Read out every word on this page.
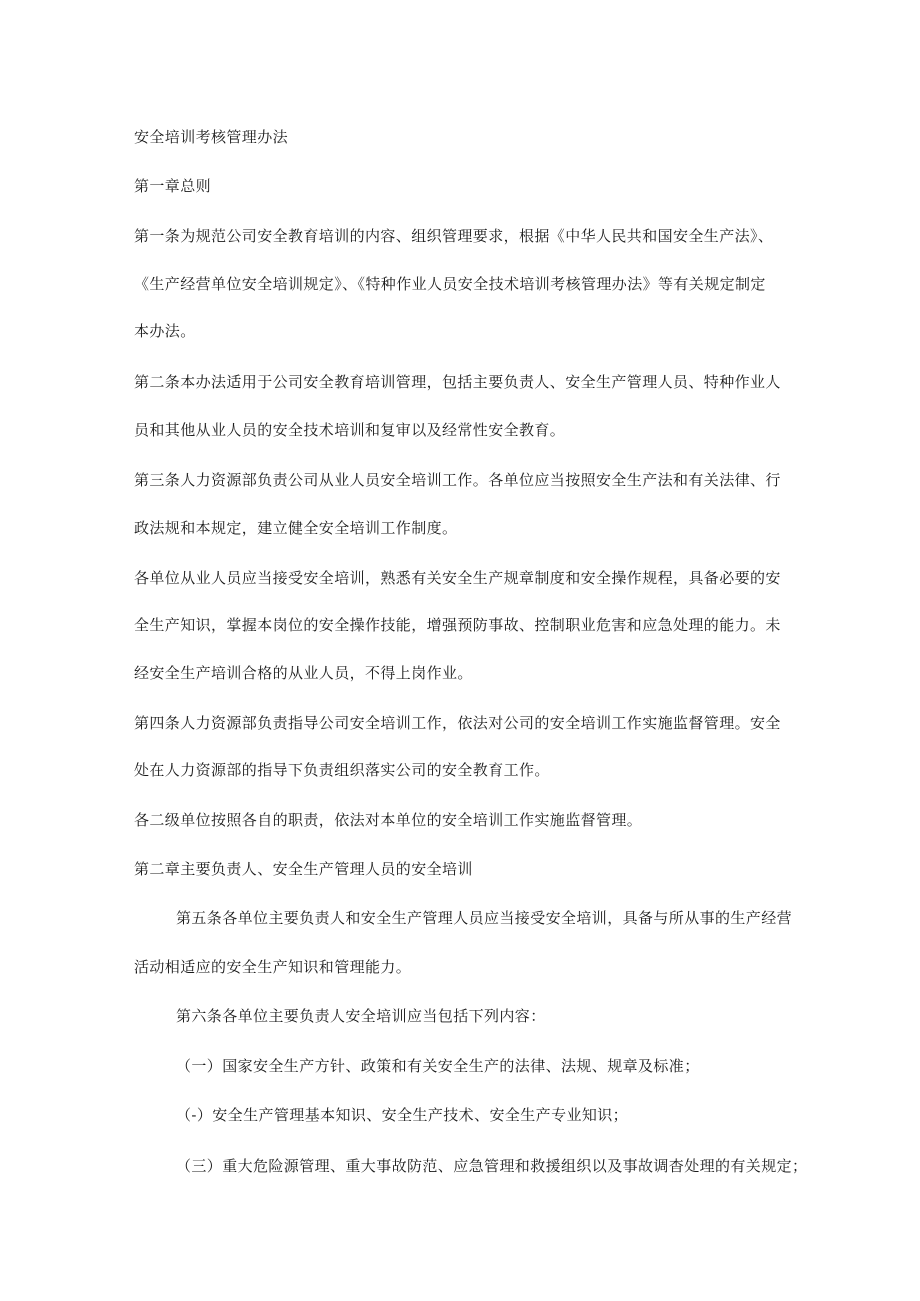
安全培训考核管理办法
第一章总则
第一条为规范公司安全教育培训的内容、组织管理要求，根据《中华人民共和国安全生产法》、
《生产经营单位安全培训规定》、《特种作业人员安全技术培训考核管理办法》等有关规定制定
本办法。
第二条本办法适用于公司安全教育培训管理，包括主要负责人、安全生产管理人员、特种作业人
员和其他从业人员的安全技术培训和复审以及经常性安全教育。
第三条人力资源部负责公司从业人员安全培训工作。各单位应当按照安全生产法和有关法律、行
政法规和本规定，建立健全安全培训工作制度。
各单位从业人员应当接受安全培训，熟悉有关安全生产规章制度和安全操作规程，具备必要的安
全生产知识，掌握本岗位的安全操作技能，增强预防事故、控制职业危害和应急处理的能力。未
经安全生产培训合格的从业人员，不得上岗作业。
第四条人力资源部负责指导公司安全培训工作，依法对公司的安全培训工作实施监督管理。安全
处在人力资源部的指导下负责组织落实公司的安全教育工作。
各二级单位按照各自的职责，依法对本单位的安全培训工作实施监督管理。
第二章主要负责人、安全生产管理人员的安全培训
第五条各单位主要负责人和安全生产管理人员应当接受安全培训，具备与所从事的生产经营
活动相适应的安全生产知识和管理能力。
第六条各单位主要负责人安全培训应当包括下列内容：
（一）国家安全生产方针、政策和有关安全生产的法律、法规、规章及标准；
（-）安全生产管理基本知识、安全生产技术、安全生产专业知识；
（三）重大危险源管理、重大事故防范、应急管理和救援组织以及事故调杳处理的有关规定；
